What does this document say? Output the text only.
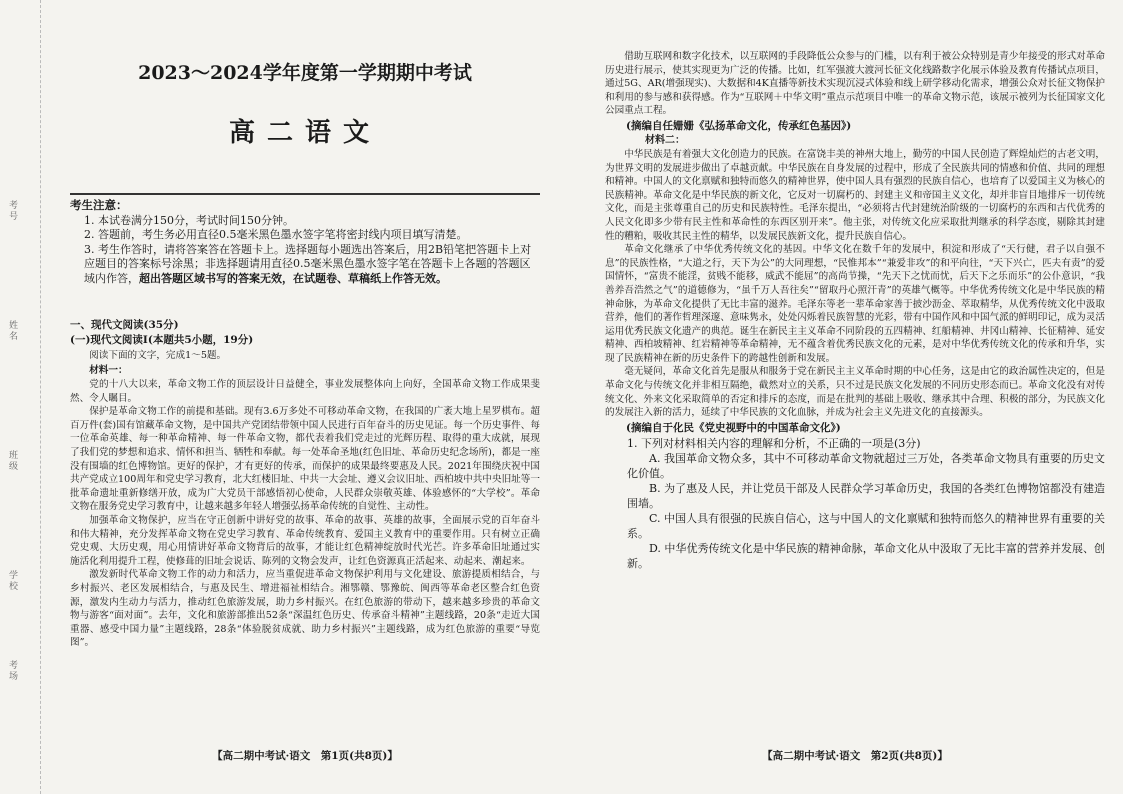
考号
姓名
班级
学校
考场
2023～2024学年度第一学期期中考试
高二语文
考生注意：
1. 本试卷满分150分，考试时间150分钟。
2. 答题前，考生务必用直径0.5毫米黑色墨水签字笔将密封线内项目填写清楚。
3. 考生作答时，请将答案答在答题卡上。选择题每小题选出答案后，用2B铅笔把答题卡上对应题目的答案标号涂黑；非选择题请用直径0.5毫米黑色墨水签字笔在答题卡上各题的答题区域内作答，超出答题区域书写的答案无效，在试题卷、草稿纸上作答无效。
一、现代文阅读(35分)
(一)现代文阅读Ⅰ(本题共5小题，19分)
阅读下面的文字，完成1～5题。
材料一：

党的十八大以来，革命文物工作的顶层设计日益健全，事业发展整体向上向好，全国革命文物工作成果斐然、令人瞩目。

保护是革命文物工作的前提和基础。现有3.6万多处不可移动革命文物，在我国的广袤大地上星罗棋布。超百万件(套)国有馆藏革命文物，是中国共产党团结带领中国人民进行百年奋斗的历史见证。每一个历史事件、每一位革命英雄、每一种革命精神、每一件革命文物，都代表着我们党走过的光辉历程、取得的重大成就，展现了我们党的梦想和追求、情怀和担当、牺牲和奉献。每一处革命圣地(红色旧址、革命历史纪念场所)，都是一座没有围墙的红色博物馆。更好的保护，才有更好的传承，而保护的成果最终要惠及人民。2021年围绕庆祝中国共产党成立100周年和党史学习教育，北大红楼旧址、中共一大会址、遵义会议旧址、西柏坡中共中央旧址等一批革命遗址重新修缮开放，成为广大党员干部感悟初心使命，人民群众崇敬英雄、体验感怀的“大学校”。革命文物在服务党史学习教育中，让越来越多年轻人增强弘扬革命传统的自觉性、主动性。

加强革命文物保护，应当在守正创新中讲好党的故事、革命的故事、英雄的故事，全面展示党的百年奋斗和伟大精神，充分发挥革命文物在党史学习教育、革命传统教育、爱国主义教育中的重要作用。只有树立正确党史观、大历史观，用心用情讲好革命文物背后的故事，才能让红色精神绽放时代光芒。许多革命旧址通过实施活化利用提升工程，使修葺的旧址会说话、陈列的文物会发声，让红色资源真正活起来、动起来、潮起来。

激发新时代革命文物工作的动力和活力，应当重促进革命文物保护利用与文化建设、旅游提质相结合，与乡村振兴、老区发展相结合，与惠及民生、增进福祉相结合。湘鄂赣、鄂豫皖、闽西等革命老区整合红色资源，激发内生动力与活力，推动红色旅游发展，助力乡村振兴。在红色旅游的带动下，越来越多珍贵的革命文物与游客“面对面”。去年，文化和旅游部推出52条“深温红色历史、传承奋斗精神”主题线路，20条“走近大国重器、感受中国力量”主题线路，28条“体验脱贫成就、助力乡村振兴”主题线路，成为红色旅游的重要“导览图”。

【高二期中考试·语文　第1页(共8页)】

借助互联网和数字化技术，以互联网的手段降低公众参与的门槛，以有利于被公众特别是青少年接受的形式对革命历史进行展示，使其实现更为广泛的传播。比如，红军强渡大渡河长征文化线路数字化展示体验及教育传播试点项目，通过5G、AR(增强现实)、大数据和4K直播等新技术实现沉浸式体验和线上研学移动化需求，增强公众对长征文物保护和利用的参与感和获得感。作为“互联网＋中华文明”重点示范项目中唯一的革命文物示范，该展示被列为长征国家文化公园重点工程。

(摘编自任姗姗《弘扬革命文化，传承红色基因》)

材料二：

中华民族是有着强大文化创造力的民族。在富饶丰美的神州大地上，勤劳的中国人民创造了辉煌灿烂的古老文明，为世界文明的发展进步做出了卓越贡献。中华民族在自身发展的过程中，形成了全民族共同的情感和价值、共同的理想和精神。中国人的文化禀赋和独特而悠久的精神世界，使中国人具有强烈的民族自信心，也培育了以爱国主义为核心的民族精神。革命文化是中华民族的新文化，它反对一切腐朽的、封建主义和帝国主义文化，却并非盲目地排斥一切传统文化，而是主张尊重自己的历史和民族特性。毛泽东提出，“必须将古代封建统治阶级的一切腐朽的东西和古代优秀的人民文化即多少带有民主性和革命性的东西区别开来”。他主张，对传统文化应采取批判继承的科学态度，剔除其封建性的糟粕，吸收其民主性的精华，以发展民族新文化，提升民族自信心。

革命文化继承了中华优秀传统文化的基因。中华文化在数千年的发展中，积淀和形成了“天行健，君子以自强不息”的民族性格，“大道之行，天下为公”的大同理想，“民惟邦本”“兼爱非攻”的和平向往，“天下兴亡，匹夫有责”的爱国情怀，“富贵不能淫，贫贱不能移，威武不能屈”的高尚节操，“先天下之忧而忧，后天下之乐而乐”的公仆意识，“我善养吾浩然之气”的道德修为，“虽千万人吾往矣”“留取丹心照汗青”的英雄气概等。中华优秀传统文化是中华民族的精神命脉，为革命文化提供了无比丰富的滋养。毛泽东等老一辈革命家善于披沙沥金、萃取精华，从优秀传统文化中汲取营养，他们的著作哲理深邃、意味隽永，处处闪烁着民族智慧的光彩，带有中国作风和中国气派的鲜明印记，成为灵活运用优秀民族文化遗产的典范。诞生在新民主主义革命不同阶段的五四精神、红船精神、井冈山精神、长征精神、延安精神、西柏坡精神、红岩精神等革命精神，无不蕴含着优秀民族文化的元素，是对中华优秀传统文化的传承和升华，实现了民族精神在新的历史条件下的跨越性创新和发展。

毫无疑问，革命文化首先是服从和服务于党在新民主主义革命时期的中心任务，这是由它的政治属性决定的，但是革命文化与传统文化并非相互隔绝，截然对立的关系，只不过是民族文化发展的不同历史形态而已。革命文化没有对传统文化、外来文化采取简单的否定和排斥的态度，而是在批判的基础上吸收、继承其中合理、积极的部分，为民族文化的发展注入新的活力，延续了中华民族的文化血脉，并成为社会主义先进文化的直接源头。

(摘编自于化民《党史视野中的中国革命文化》)

1. 下列对材料相关内容的理解和分析，不正确的一项是(3分)

A. 我国革命文物众多，其中不可移动革命文物就超过三万处，各类革命文物具有重要的历史文化价值。

B. 为了惠及人民，并让党员干部及人民群众学习革命历史，我国的各类红色博物馆都没有建造围墙。

C. 中国人具有很强的民族自信心，这与中国人的文化禀赋和独特而悠久的精神世界有重要的关系。

D. 中华优秀传统文化是中华民族的精神命脉，革命文化从中汲取了无比丰富的营养并发展、创新。

【高二期中考试·语文　第2页(共8页)】
